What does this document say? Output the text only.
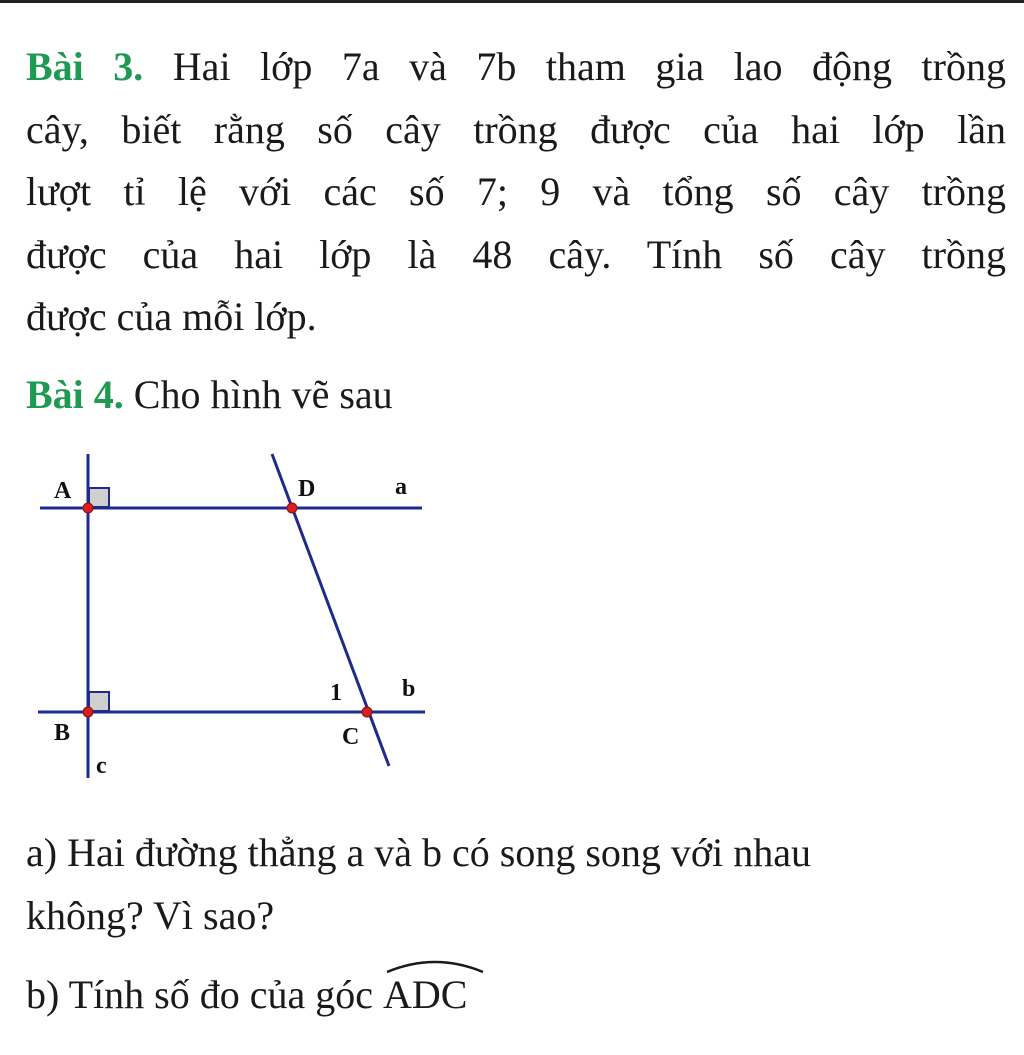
Bài 3. Hai lớp 7a và 7b tham gia lao động trồng
cây, biết rằng số cây trồng được của hai lớp lần
lượt tỉ lệ với các số 7; 9 và tổng số cây trồng
được của hai lớp là 48 cây. Tính số cây trồng
được của mỗi lớp.
Bài 4. Cho hình vẽ sau
A	D	a
1	b
B	C
c
a) Hai đường thẳng a và b có song song với nhau
không? Vì sao?
b) Tính số đo của góc
ADC
